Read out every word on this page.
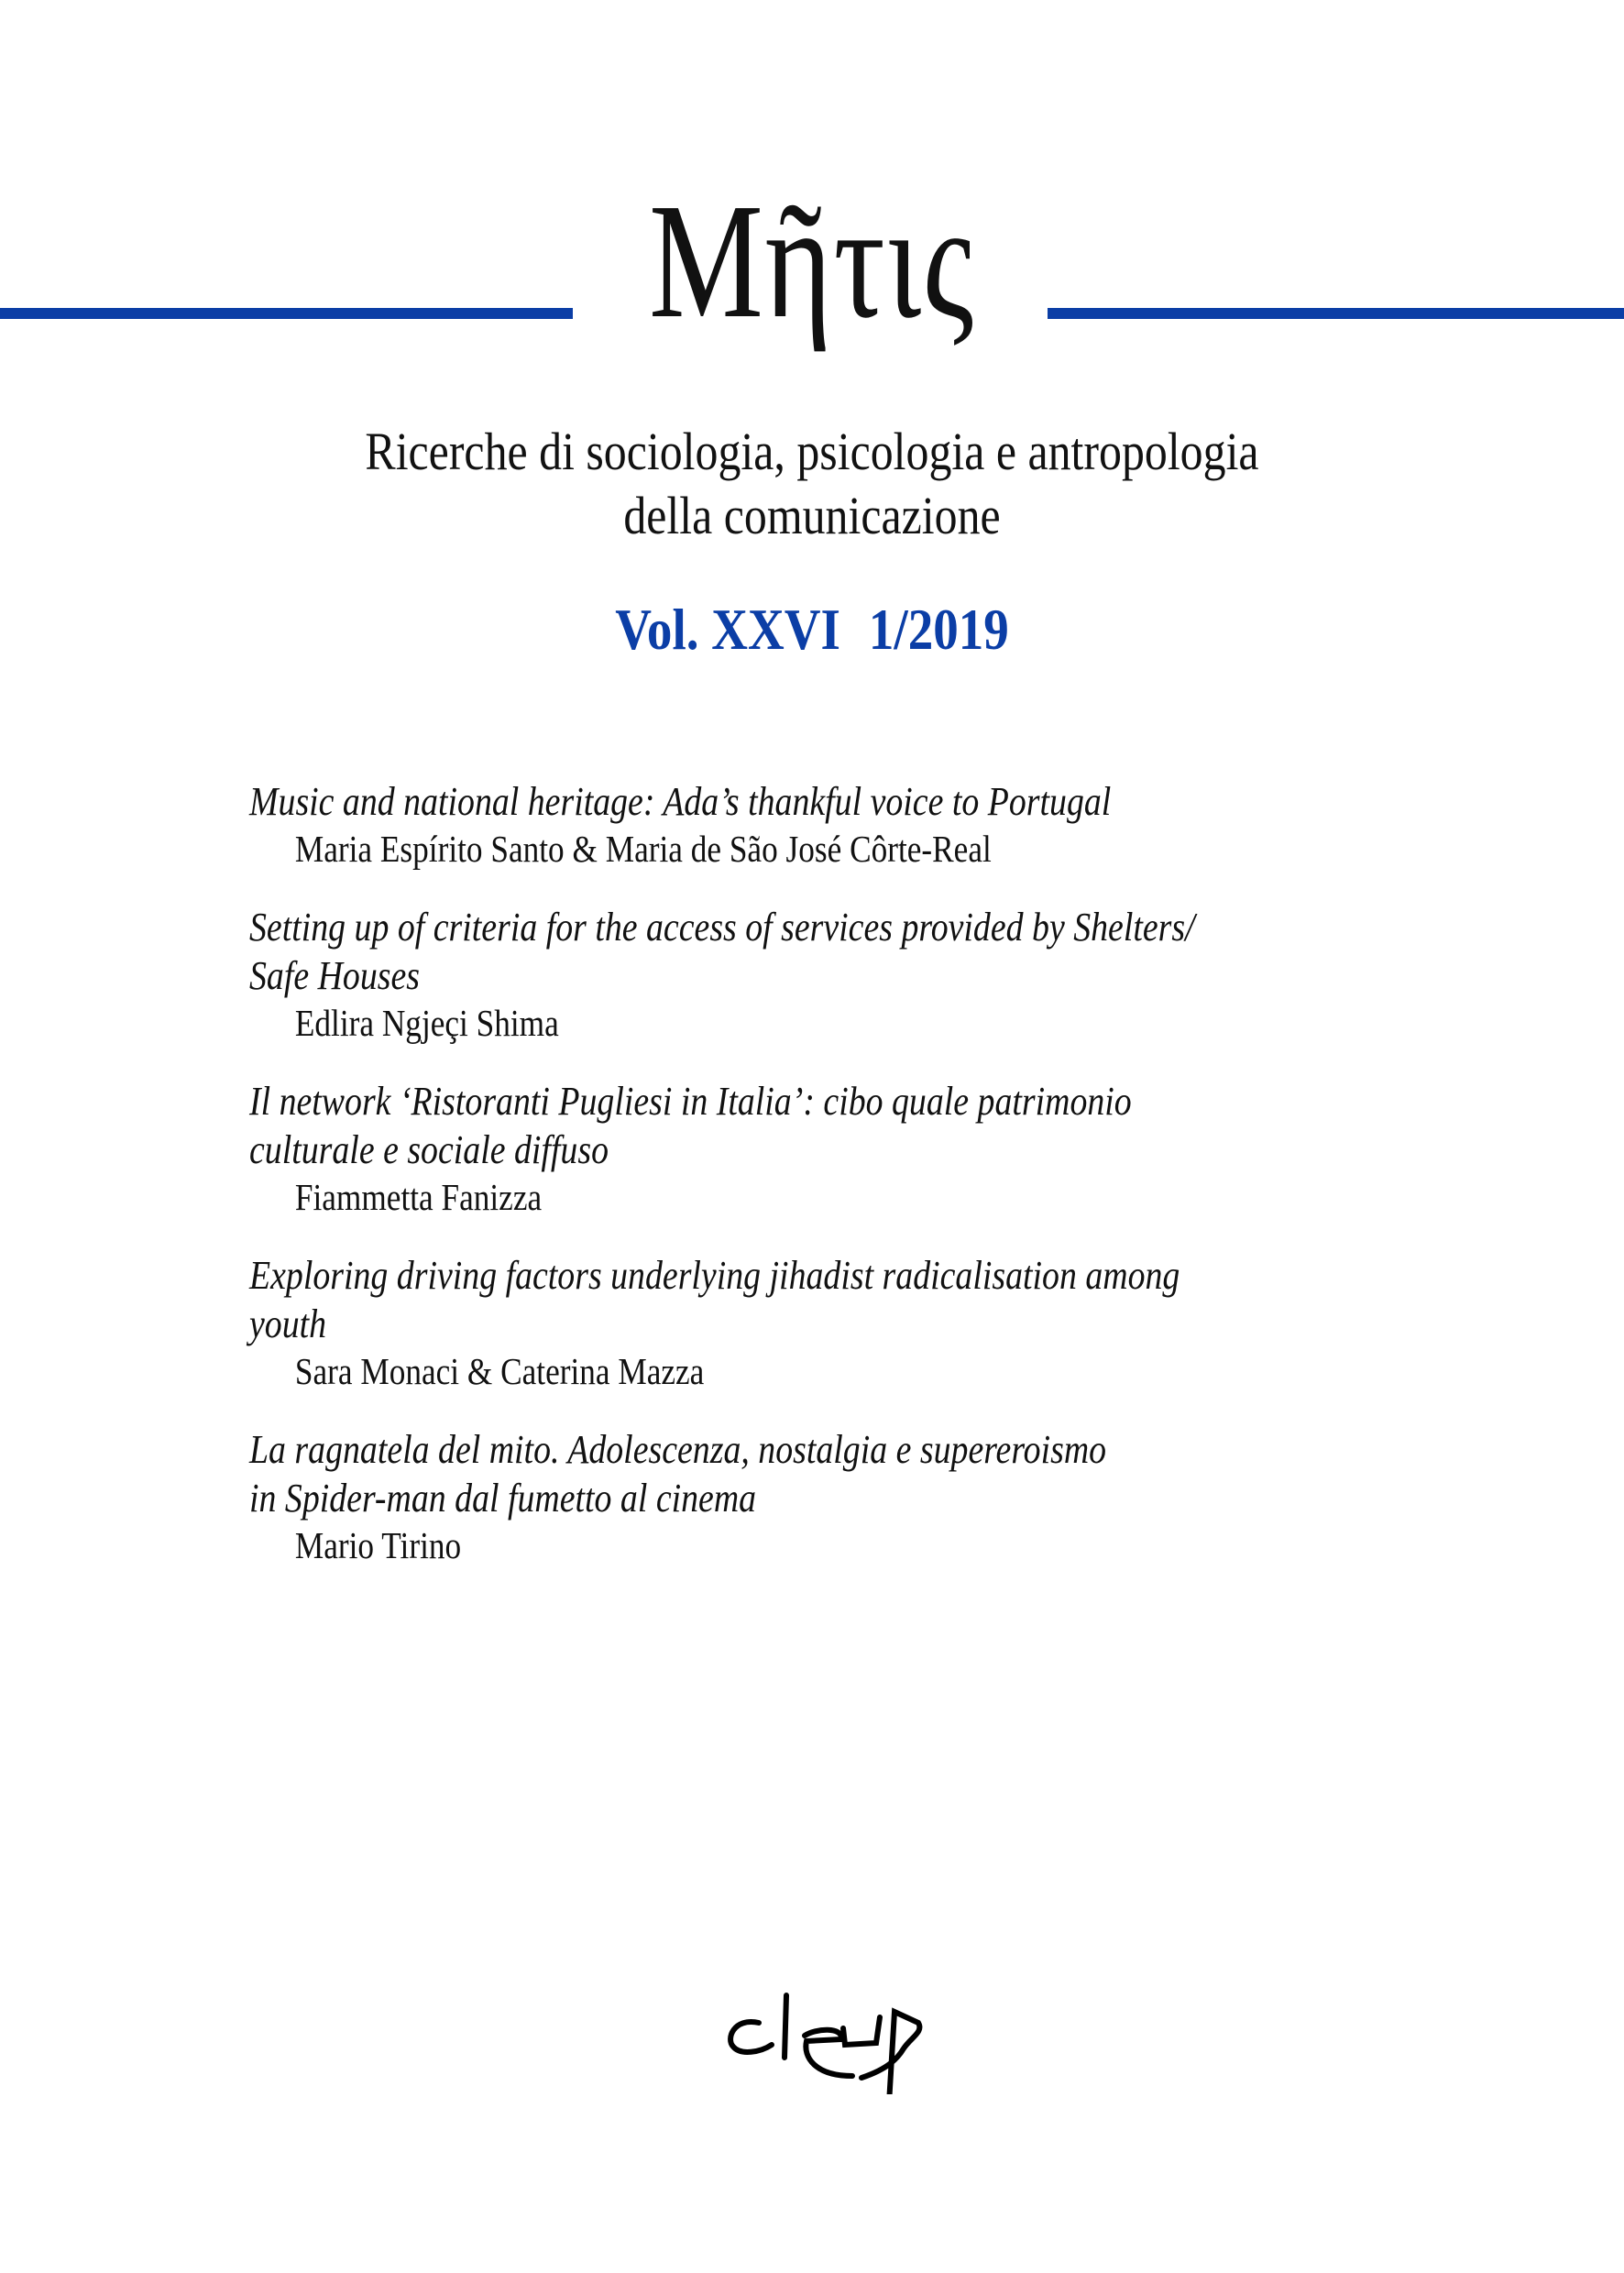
Μῆτις
Ricerche di sociologia, psicologia e antropologia
della comunicazione
Vol. XXVI 1/2019
Music and national heritage: Ada’s thankful voice to Portugal
Maria Espírito Santo & Maria de São José Côrte-Real
Setting up of criteria for the access of services provided by Shelters/
Safe Houses
Edlira Ngjeçi Shima
Il network ‘Ristoranti Pugliesi in Italia’: cibo quale patrimonio
culturale e sociale diffuso
Fiammetta Fanizza
Exploring driving factors underlying jihadist radicalisation among
youth
Sara Monaci & Caterina Mazza
La ragnatela del mito. Adolescenza, nostalgia e supereroismo
in Spider-man dal fumetto al cinema
Mario Tirino
